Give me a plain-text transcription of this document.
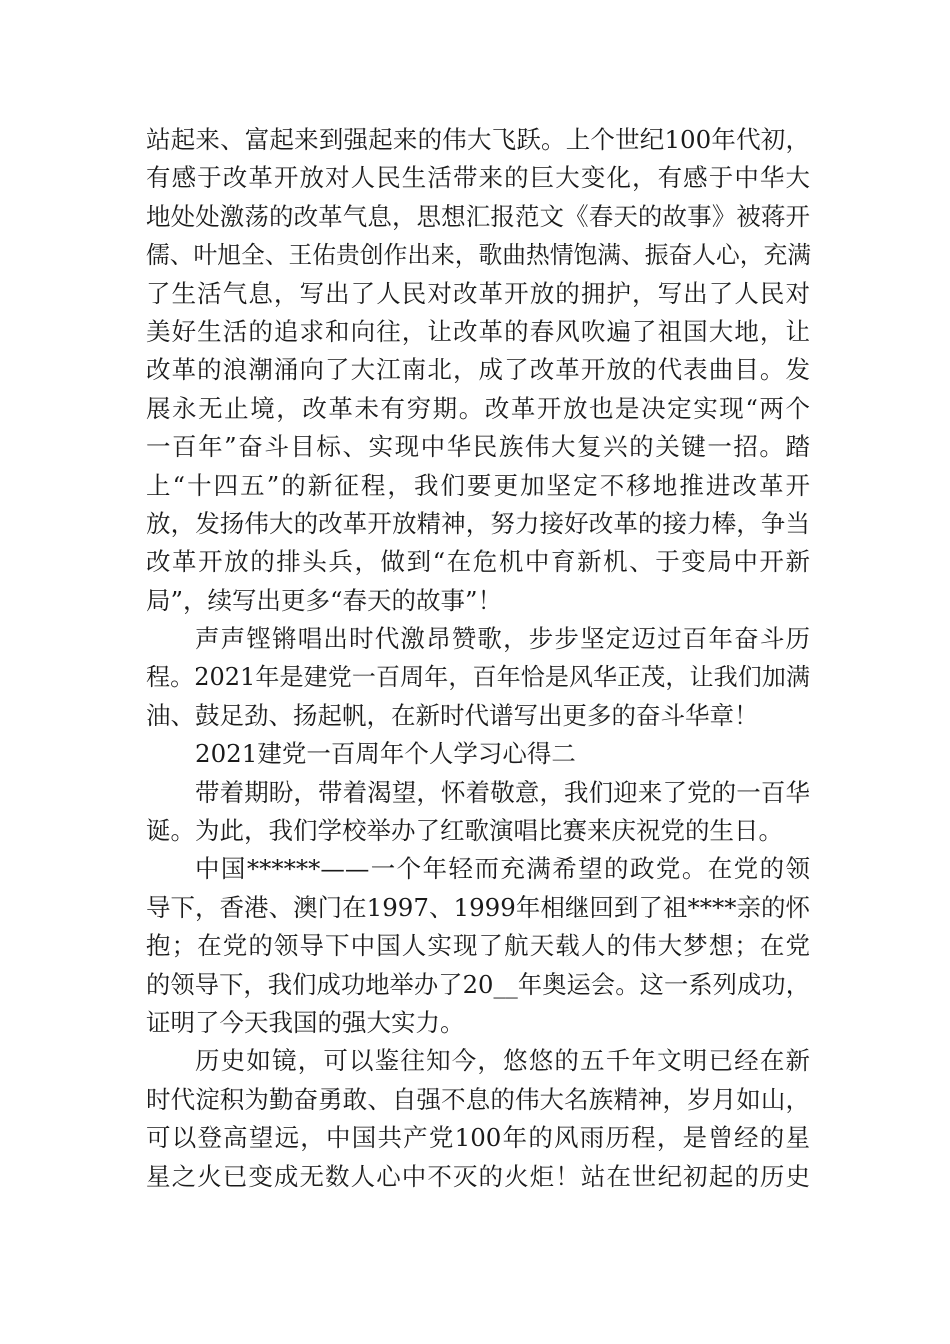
站起来、富起来到强起来的伟大飞跃。上个世纪100年代初，
有感于改革开放对人民生活带来的巨大变化，有感于中华大
地处处激荡的改革气息，思想汇报范文《春天的故事》被蒋开
儒、叶旭全、王佑贵创作出来，歌曲热情饱满、振奋人心，充满
了生活气息，写出了人民对改革开放的拥护，写出了人民对
美好生活的追求和向往，让改革的春风吹遍了祖国大地，让
改革的浪潮涌向了大江南北，成了改革开放的代表曲目。发
展永无止境，改革未有穷期。改革开放也是决定实现“两个
一百年”奋斗目标、实现中华民族伟大复兴的关键一招。踏
上“十四五”的新征程，我们要更加坚定不移地推进改革开
放，发扬伟大的改革开放精神，努力接好改革的接力棒，争当
改革开放的排头兵，做到“在危机中育新机、于变局中开新
局”，续写出更多“春天的故事”！
声声铿锵唱出时代激昂赞歌，步步坚定迈过百年奋斗历
程。2021年是建党一百周年，百年恰是风华正茂，让我们加满
油、鼓足劲、扬起帆，在新时代谱写出更多的奋斗华章！
2021建党一百周年个人学习心得二
带着期盼，带着渴望，怀着敬意，我们迎来了党的一百华
诞。为此，我们学校举办了红歌演唱比赛来庆祝党的生日。
中国******——一个年轻而充满希望的政党。在党的领
导下，香港、澳门在1997、1999年相继回到了祖****亲的怀
抱；在党的领导下中国人实现了航天载人的伟大梦想；在党
的领导下，我们成功地举办了20__年奥运会。这一系列成功，
证明了今天我国的强大实力。
历史如镜，可以鉴往知今，悠悠的五千年文明已经在新
时代淀积为勤奋勇敢、自强不息的伟大名族精神，岁月如山，
可以登高望远，中国共产党100年的风雨历程，是曾经的星
星之火已变成无数人心中不灭的火炬！站在世纪初起的历史
